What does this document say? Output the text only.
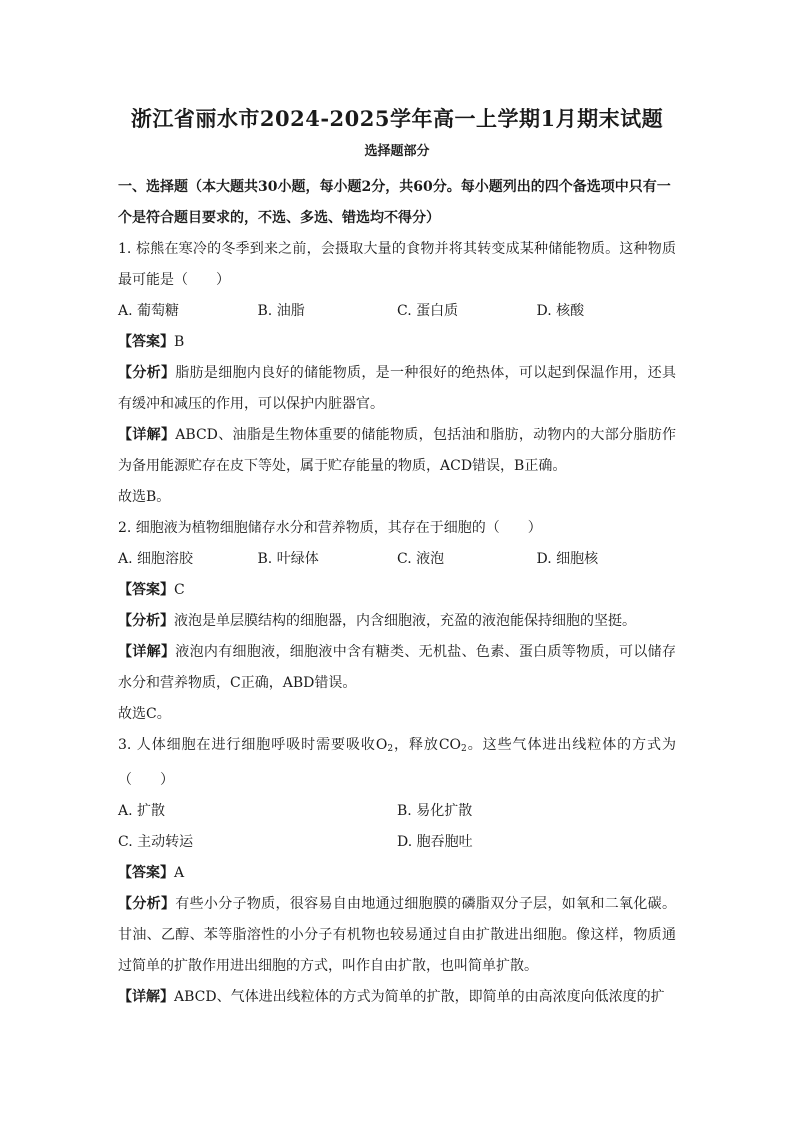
浙江省丽水市2024-2025学年高一上学期1月期末试题
选择题部分

一、选择题（本大题共30小题，每小题2分，共60分。每小题列出的四个备选项中只有一个是符合题目要求的，不选、多选、错选均不得分）

1. 棕熊在寒冷的冬季到来之前，会摄取大量的食物并将其转变成某种储能物质。这种物质最可能是（　　）

A. 葡萄糖	B. 油脂	C. 蛋白质	D. 核酸

【答案】B

【分析】脂肪是细胞内良好的储能物质，是一种很好的绝热体，可以起到保温作用，还具有缓冲和减压的作用，可以保护内脏器官。

【详解】ABCD、油脂是生物体重要的储能物质，包括油和脂肪，动物内的大部分脂肪作为备用能源贮存在皮下等处，属于贮存能量的物质，ACD错误，B正确。

故选B。

2. 细胞液为植物细胞储存水分和营养物质，其存在于细胞的（　　）

A. 细胞溶胶	B. 叶绿体	C. 液泡	D. 细胞核

【答案】C

【分析】液泡是单层膜结构的细胞器，内含细胞液，充盈的液泡能保持细胞的坚挺。

【详解】液泡内有细胞液，细胞液中含有糖类、无机盐、色素、蛋白质等物质，可以储存水分和营养物质，C正确，ABD错误。

故选C。

3. 人体细胞在进行细胞呼吸时需要吸收$O_2$，释放$CO_2$。这些气体进出线粒体的方式为（　　）

A. 扩散	B. 易化扩散
C. 主动转运	D. 胞吞胞吐

【答案】A

【分析】有些小分子物质，很容易自由地通过细胞膜的磷脂双分子层，如氧和二氧化碳。甘油、乙醇、苯等脂溶性的小分子有机物也较易通过自由扩散进出细胞。像这样，物质通过简单的扩散作用进出细胞的方式，叫作自由扩散，也叫简单扩散。

【详解】ABCD、气体进出线粒体的方式为简单的扩散，即简单的由高浓度向低浓度的扩
